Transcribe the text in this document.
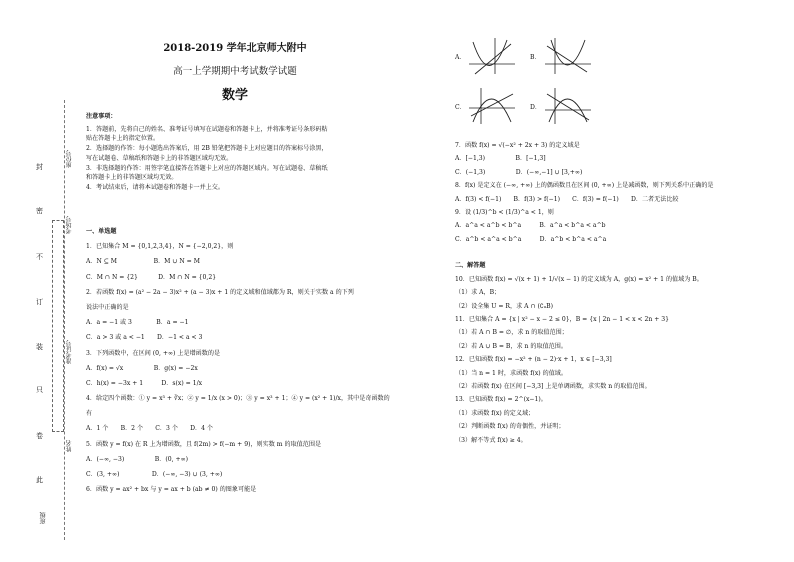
封
密
不
订
装
只
卷
此
座位号
考场号
准考证号
姓名
班级
2018-2019 学年北京师大附中
高一上学期期中考试数学试题
数学
注意事项：
1．答题前，先将自己的姓名、准考证号填写在试题卷和答题卡上，并将准考证号条形码粘
贴在答题卡上的指定位置。
2．选择题的作答：每小题选出答案后，用 2B 铅笔把答题卡上对应题目的答案标号涂黑，
写在试题卷、草稿纸和答题卡上的非答题区域均无效。
3．非选择题的作答：用签字笔直接答在答题卡上对应的答题区域内。写在试题卷、草稿纸
和答题卡上的非答题区域均无效。
4．考试结束后，请将本试题卷和答题卡一并上交。
一、单选题
1．已知集合 M = {0,1,2,3,4}，N = {−2,0,2}，则
A．N ⊆ M　　　　　　B．M ∪ N = M
C．M ∩ N = {2}　　　 D．M ∩ N = {0,2}
2．若函数 f(x) = (a² − 2a − 3)x² + (a − 3)x + 1 的定义域和值域都为 R，则关于实数 a 的下列
说法中正确的是
A．a = −1 或 3　　　　B．a = −1
C．a > 3 或 a < −1　　D．−1 < a < 3
3．下列函数中，在区间 (0, +∞) 上是增函数的是
A．f(x) = √x　　　　　B．g(x) = −2x
C．h(x) = −3x + 1　　　D．s(x) = 1/x
4．给定四个函数：① y = x³ + ∛x；② y = 1/x (x > 0)；③ y = x³ + 1；④ y = (x² + 1)/x，其中是奇函数的
有
A．1 个　　B．2 个　　C．3 个　　D．4 个
5．函数 y = f(x) 在 R 上为增函数，且 f(2m) > f(−m + 9)，则实数 m 的取值范围是
A．(−∞, −3)　　　　　B．(0, +∞)
C．(3, +∞)　　　　　 D．(−∞, −3) ∪ (3, +∞)
6．函数 y = ax² + bx 与 y = ax + b (ab ≠ 0) 的图象可能是
A．	B．
C．	D．
7．函数 f(x) = √(−x² + 2x + 3) 的定义域是
A．[−1,3)　　　　　B．[−1,3]
C．(−1,3)　　　　　D．(−∞,−1] ∪ [3,+∞)
8．f(x) 是定义在 (−∞, +∞) 上的偶函数且在区间 (0, +∞) 上是减函数，则下列关系中正确的是
A．f(3) < f(−1)　　B．f(3) > f(−1)　　C．f(3) = f(−1)　　D．二者无法比较
9．设 (1/3)^b < (1/3)^a < 1，则
A．a^a < a^b < b^a　　　B．a^a < b^a < a^b
C．a^b < a^a < b^a　　　D．a^b < b^a < a^a
二、解答题
10．已知函数 f(x) = √(x + 1) + 1/√(x − 1) 的定义域为 A，g(x) = x² + 1 的值域为 B。
（1）求 A，B；
（2）设全集 U = R，求 A ∩ (∁ᵤB)
11．已知集合 A = {x | x² − x − 2 ≤ 0}，B = {x | 2n − 1 < x < 2n + 3}
（1）若 A ∩ B = ∅，求 n 的取值范围；
（2）若 A ∪ B = B，求 n 的取值范围。
12．已知函数 f(x) = −x² + (n − 2)·x + 1，x ∈ [−3,3]
（1）当 n = 1 时，求函数 f(x) 的值域。
（2）若函数 f(x) 在区间 [−3,3] 上是单调函数，求实数 n 的取值范围。
13．已知函数 f(x) = 2^(x−1)。
（1）求函数 f(x) 的定义域；
（2）判断函数 f(x) 的奇偶性，并证明；
（3）解不等式 f(x) ≥ 4。
